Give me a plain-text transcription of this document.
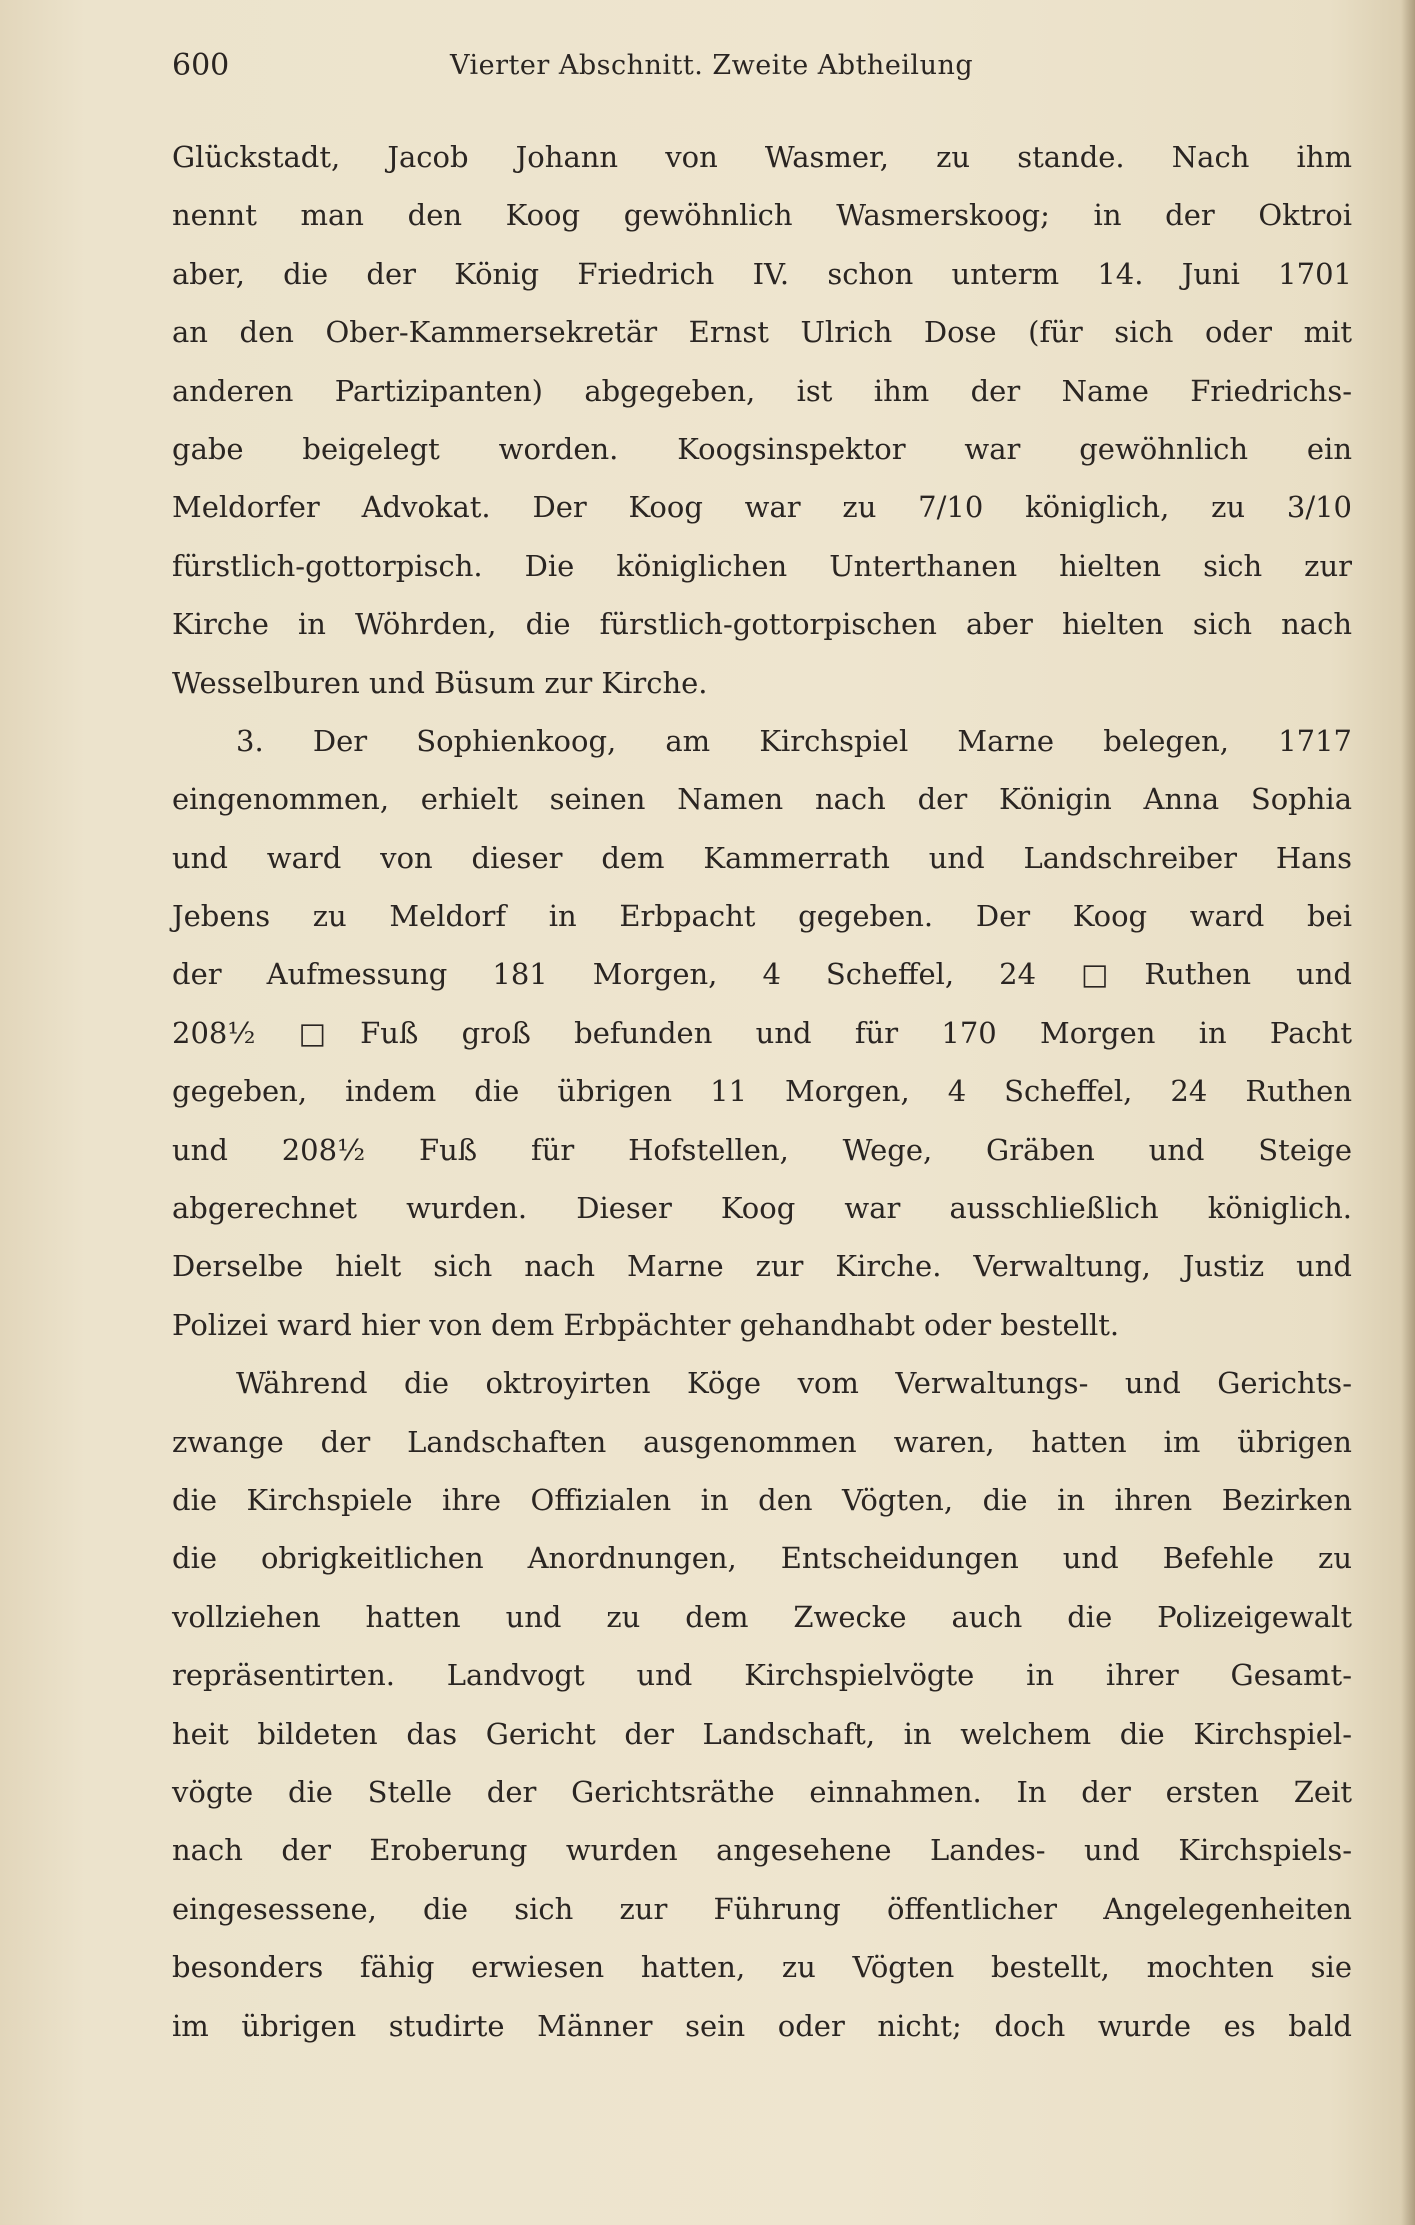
600	Vierter Abschnitt. Zweite Abtheilung
Glückstadt, Jacob Johann von Wasmer, zu stande. Nach ihm
nennt man den Koog gewöhnlich Wasmerskoog; in der Oktroi
aber, die der König Friedrich IV. schon unterm 14. Juni 1701
an den Ober-Kammersekretär Ernst Ulrich Dose (für sich oder mit
anderen Partizipanten) abgegeben, ist ihm der Name Friedrichs-
gabe beigelegt worden. Koogsinspektor war gewöhnlich ein
Meldorfer Advokat. Der Koog war zu 7/10 königlich, zu 3/10
fürstlich-gottorpisch. Die königlichen Unterthanen hielten sich zur
Kirche in Wöhrden, die fürstlich-gottorpischen aber hielten sich nach
Wesselburen und Büsum zur Kirche.
3. Der Sophienkoog, am Kirchspiel Marne belegen, 1717
eingenommen, erhielt seinen Namen nach der Königin Anna Sophia
und ward von dieser dem Kammerrath und Landschreiber Hans
Jebens zu Meldorf in Erbpacht gegeben. Der Koog ward bei
der Aufmessung 181 Morgen, 4 Scheffel, 24 □Ruthen und
208½ □Fuß groß befunden und für 170 Morgen in Pacht
gegeben, indem die übrigen 11 Morgen, 4 Scheffel, 24 Ruthen
und 208½ Fuß für Hofstellen, Wege, Gräben und Steige
abgerechnet wurden. Dieser Koog war ausschließlich königlich.
Derselbe hielt sich nach Marne zur Kirche. Verwaltung, Justiz und
Polizei ward hier von dem Erbpächter gehandhabt oder bestellt.
Während die oktroyirten Köge vom Verwaltungs- und Gerichts-
zwange der Landschaften ausgenommen waren, hatten im übrigen
die Kirchspiele ihre Offizialen in den Vögten, die in ihren Bezirken
die obrigkeitlichen Anordnungen, Entscheidungen und Befehle zu
vollziehen hatten und zu dem Zwecke auch die Polizeigewalt
repräsentirten. Landvogt und Kirchspielvögte in ihrer Gesamt-
heit bildeten das Gericht der Landschaft, in welchem die Kirchspiel-
vögte die Stelle der Gerichtsräthe einnahmen. In der ersten Zeit
nach der Eroberung wurden angesehene Landes- und Kirchspiels-
eingesessene, die sich zur Führung öffentlicher Angelegenheiten
besonders fähig erwiesen hatten, zu Vögten bestellt, mochten sie
im übrigen studirte Männer sein oder nicht; doch wurde es bald
